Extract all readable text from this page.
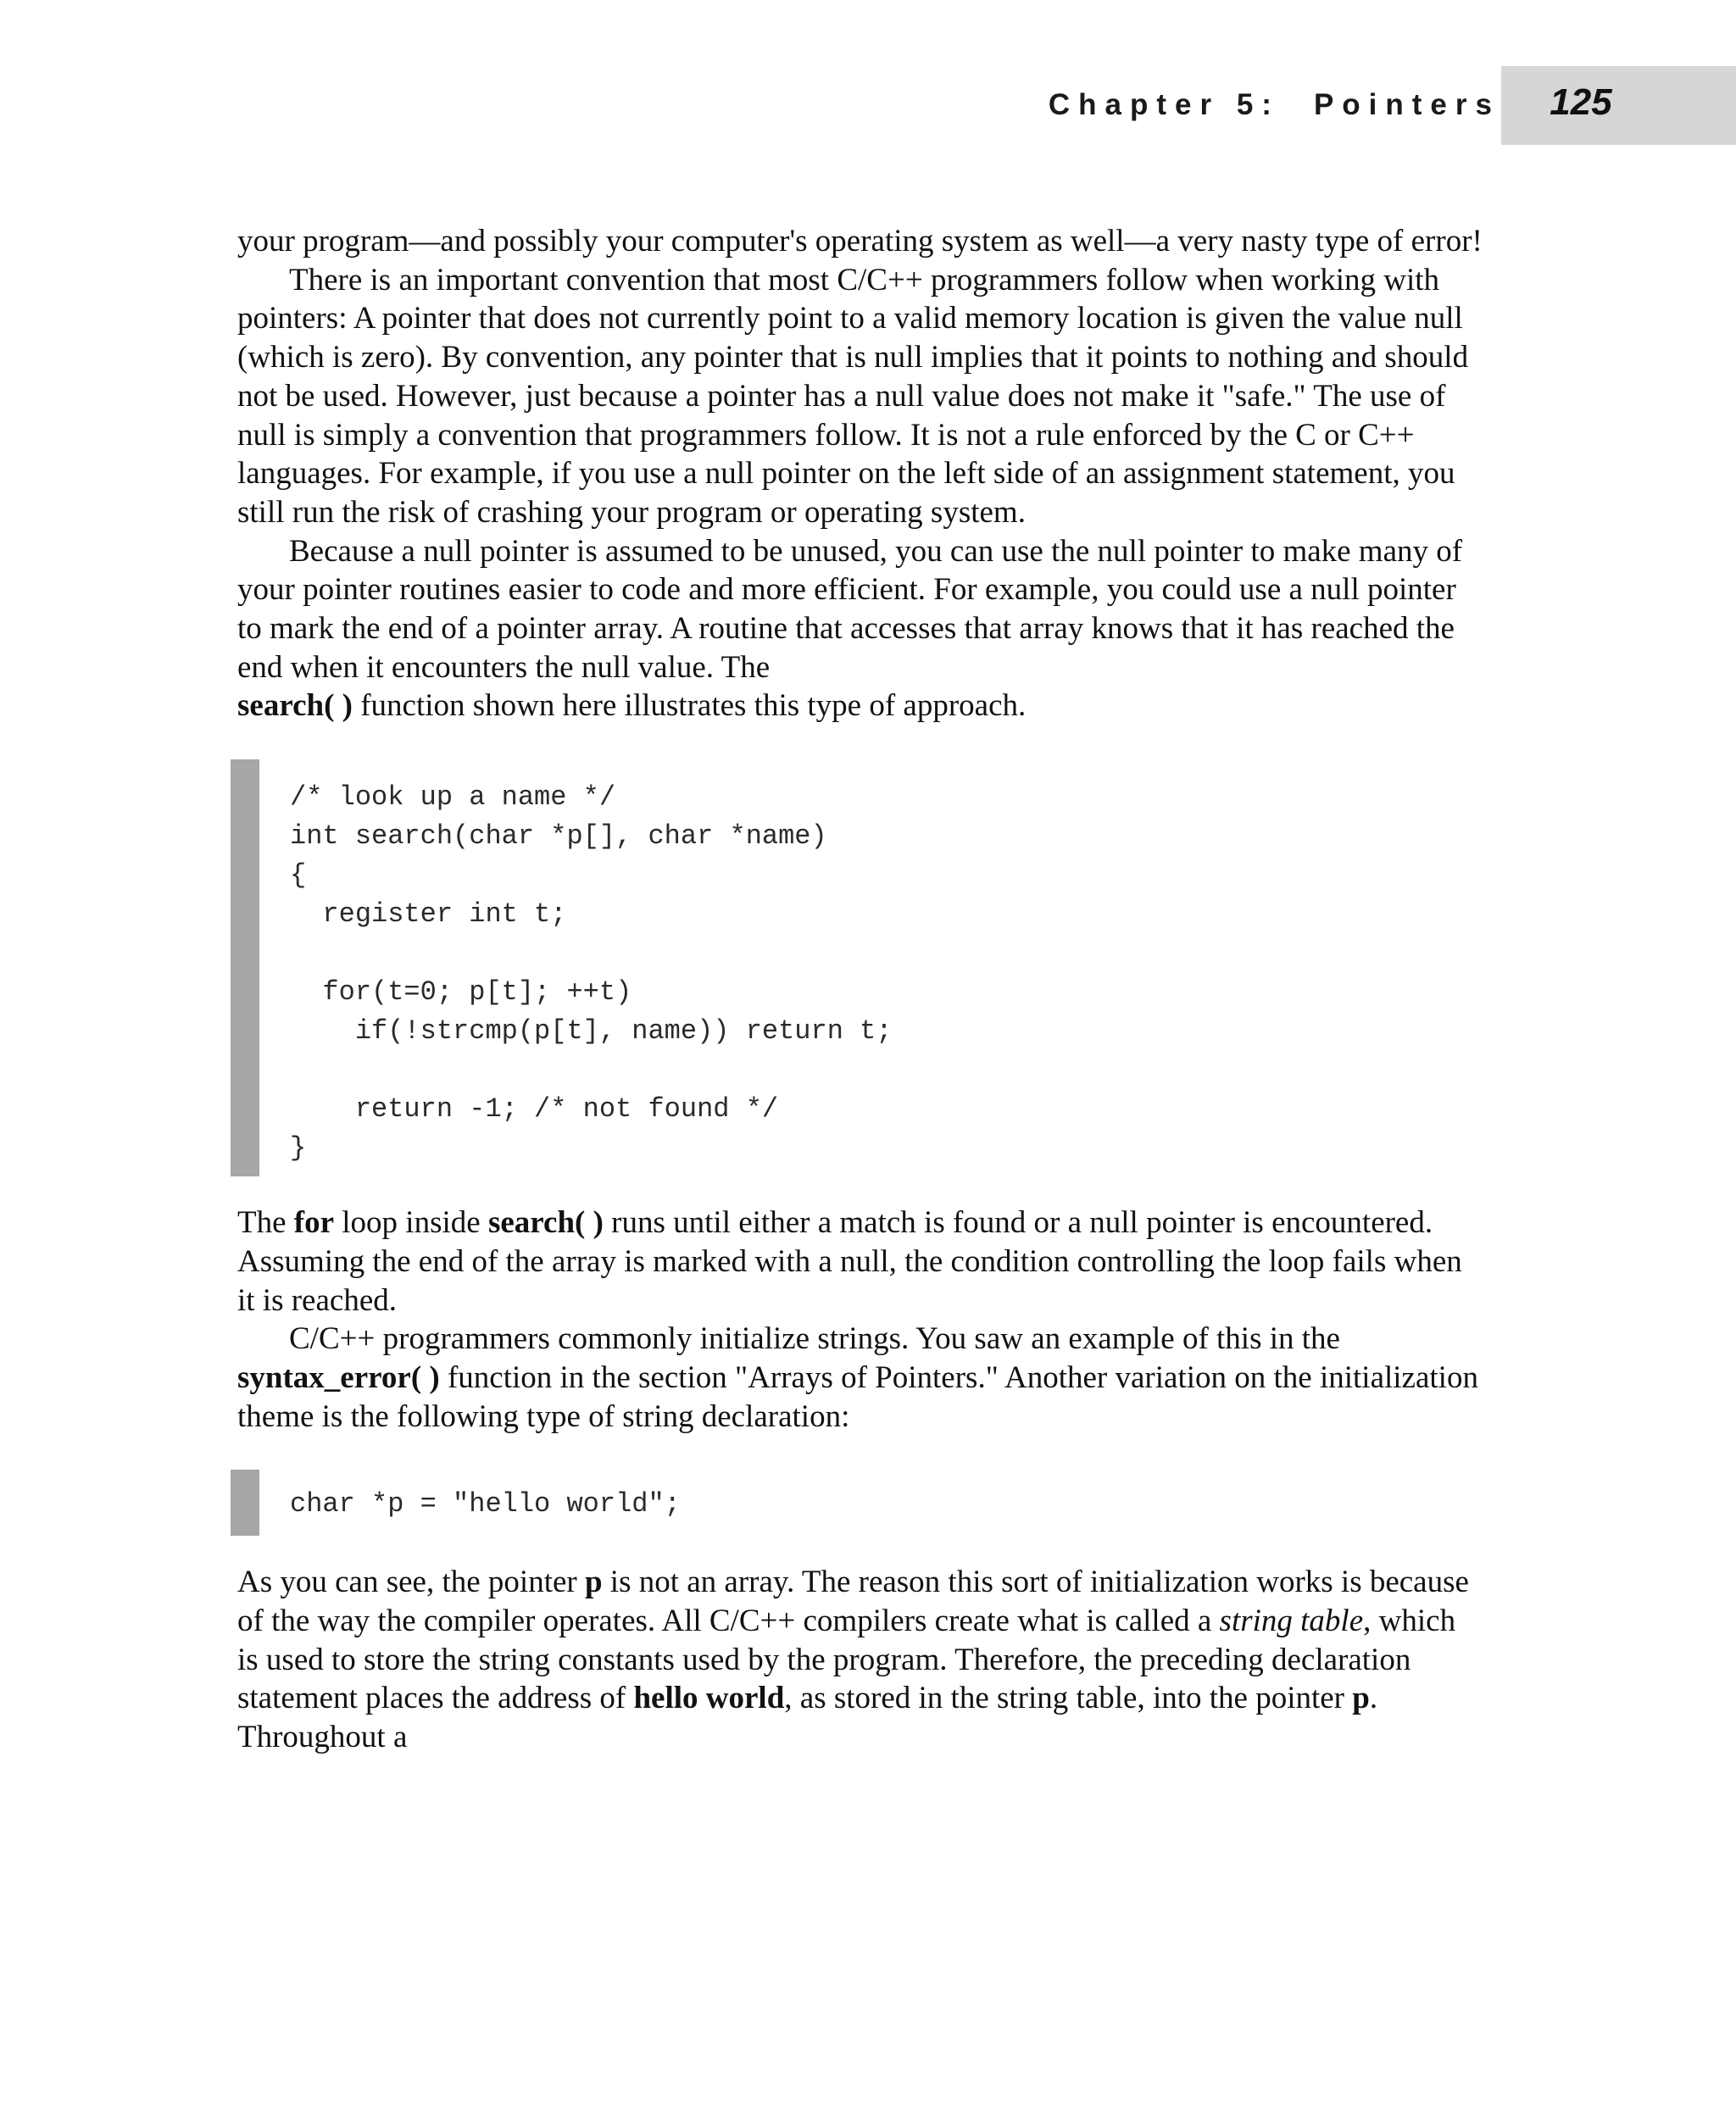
Chapter 5: Pointers	125

your program—and possibly your computer's operating system as well—a very nasty type of error!

There is an important convention that most C/C++ programmers follow when working with pointers: A pointer that does not currently point to a valid memory location is given the value null (which is zero). By convention, any pointer that is null implies that it points to nothing and should not be used. However, just because a pointer has a null value does not make it "safe." The use of null is simply a convention that programmers follow. It is not a rule enforced by the C or C++ languages. For example, if you use a null pointer on the left side of an assignment statement, you still run the risk of crashing your program or operating system.

Because a null pointer is assumed to be unused, you can use the null pointer to make many of your pointer routines easier to code and more efficient. For example, you could use a null pointer to mark the end of a pointer array. A routine that accesses that array knows that it has reached the end when it encounters the null value. The
search( ) function shown here illustrates this type of approach.

/* look up a name */
int search(char *p[], char *name)
{
register int t;
for(t=0; p[t]; ++t)
if(!strcmp(p[t], name)) return t;
return -1; /* not found */
}

The for loop inside search( ) runs until either a match is found or a null pointer is encountered. Assuming the end of the array is marked with a null, the condition controlling the loop fails when it is reached.

C/C++ programmers commonly initialize strings. You saw an example of this in the syntax_error( ) function in the section "Arrays of Pointers." Another variation on the initialization theme is the following type of string declaration:

char *p = "hello world";

As you can see, the pointer p is not an array. The reason this sort of initialization works is because of the way the compiler operates. All C/C++ compilers create what is called a string table, which is used to store the string constants used by the program. Therefore, the preceding declaration statement places the address of hello world, as stored in the string table, into the pointer p. Throughout a
